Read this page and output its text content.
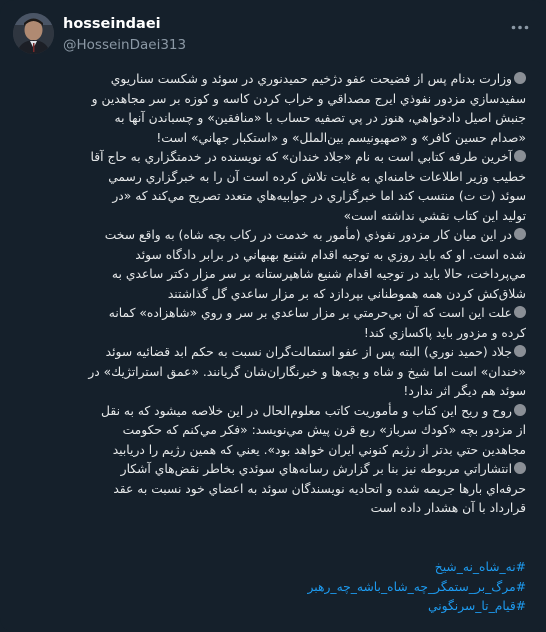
hosseindaei
@HosseinDaei313
وزارت بدنام پس از فضيحت عفو دژخيم حميدنوري در سوئد و شكست سناريوي
سفيدسازي مزدور نفوذي ايرج مصداقي و خراب كردن كاسه و كوزه بر سر مجاهدين و
جنبش اصيل دادخواهي، هنوز در پي تصفيه حساب با «منافقين» و چسباندن آنها به
«صدام حسين كافر» و «صهيونيسم بين‌الملل» و «استكبار جهاني» است!
آخرين طرفه كتابي است به نام «جلاد خندان» كه نويسنده در خدمتگزاري به حاج آقا
خطيب وزير اطلاعات خامنه‌اي به غايت تلاش كرده است آن را به خبرگزاري رسمي
سوئد (ت ت) منتسب كند اما خبرگزاري در جوابيه‌هاي متعدد تصريح مي‌كند كه «در
توليد اين كتاب نقشي نداشته است»
در اين ميان كار مزدور نفوذي (مأمور به خدمت در ركاب بچه شاه) به واقع سخت
شده است. او كه بايد روزي به توجيه اقدام شنيع بهبهاني در برابر دادگاه سوئد
مي‌پرداخت، حالا بايد در توجيه اقدام شنيع شاهپرستانه بر سر مزار دكتر ساعدي به
شلاق‌كش كردن همه هموطناني بپردازد كه بر مزار ساعدي گل گذاشتند
علت اين است كه آن بي‌حرمتي بر مزار ساعدي بر سر و روي «شاهزاده» كمانه
كرده و مزدور بايد پاكسازي كند!
جلاد (حميد نوري) البته پس از عفو استمالت‌گران نسبت به حكم ابد قضائيه سوئد
«خندان» است اما شيخ و شاه و بچه‌ها و خبرنگاران‌شان گريانند. «عمق استراتژيك» در
سوئد هم ديگر اثر ندارد!
روح و ريح اين كتاب و مأموريت كاتب معلوم‌الحال در اين خلاصه ميشود كه به نقل
از مزدور بچه «كودك سرباز» ربع قرن پيش مي‌نويسد: «فكر مي‌كنم كه حكومت
مجاهدين حتي بدتر از رژيم كنوني ايران خواهد بود». يعني كه همين رژيم را دريابيد
انتشاراتي مربوطه نيز بنا بر گزارش رسانه‌هاي سوئدي بخاطر نقض‌هاي آشكار
حرفه‌اي بارها جريمه شده و اتحاديه نويسندگان سوئد به اعضاي خود نسبت به عقد
قرارداد با آن هشدار داده است
#نه_شاه_نه_شيخ
#مرگ_بر_ستمگر_چه_شاه_باشه_چه_رهبر
#قيام_تا_سرنگوني
